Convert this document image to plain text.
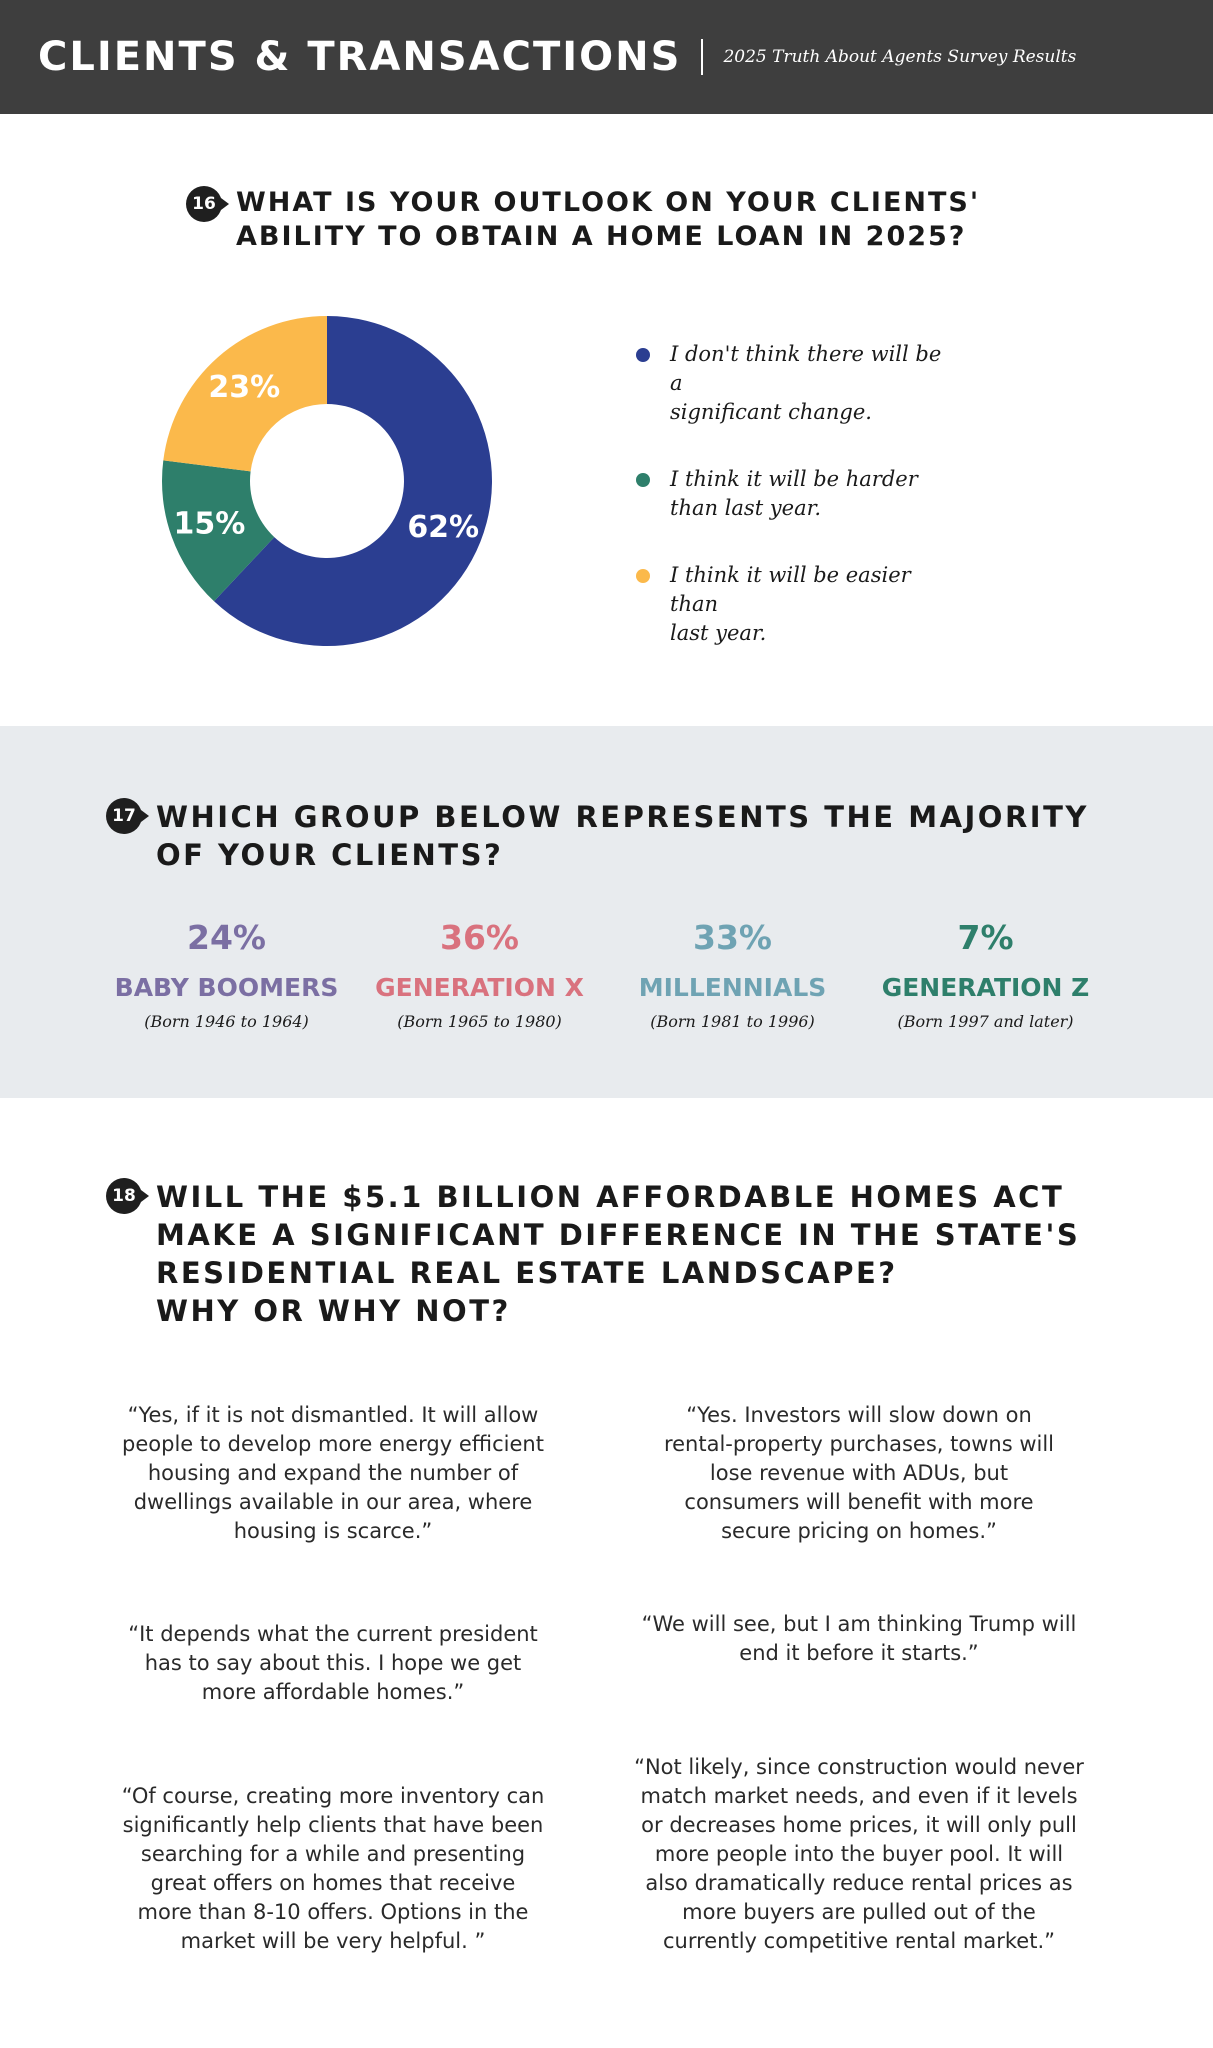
CLIENTS & TRANSACTIONS 2025 Truth About Agents Survey Results
16 WHAT IS YOUR OUTLOOK ON YOUR CLIENTS'
ABILITY TO OBTAIN A HOME LOAN IN 2025?
62%
15%
23%
I don't think there will be a
significant change.
I think it will be harder
than last year.
I think it will be easier than
last year.
17 WHICH GROUP BELOW REPRESENTS THE MAJORITY
OF YOUR CLIENTS?
24%
BABY BOOMERS
(Born 1946 to 1964)
36%
GENERATION X
(Born 1965 to 1980)
33%
MILLENNIALS
(Born 1981 to 1996)
7%
GENERATION Z
(Born 1997 and later)
18 WILL THE $5.1 BILLION AFFORDABLE HOMES ACT
MAKE A SIGNIFICANT DIFFERENCE IN THE STATE'S
RESIDENTIAL REAL ESTATE LANDSCAPE?
WHY OR WHY NOT?
“Yes, if it is not dismantled. It will allow
people to develop more energy efficient
housing and expand the number of
dwellings available in our area, where
housing is scarce.”
“Yes. Investors will slow down on
rental-property purchases, towns will
lose revenue with ADUs, but
consumers will benefit with more
secure pricing on homes.”
“It depends what the current president
has to say about this. I hope we get
more affordable homes.”
“We will see, but I am thinking Trump will
end it before it starts.”
“Of course, creating more inventory can
significantly help clients that have been
searching for a while and presenting
great offers on homes that receive
more than 8-10 offers. Options in the
market will be very helpful. ”
“Not likely, since construction would never
match market needs, and even if it levels
or decreases home prices, it will only pull
more people into the buyer pool. It will
also dramatically reduce rental prices as
more buyers are pulled out of the
currently competitive rental market.”
